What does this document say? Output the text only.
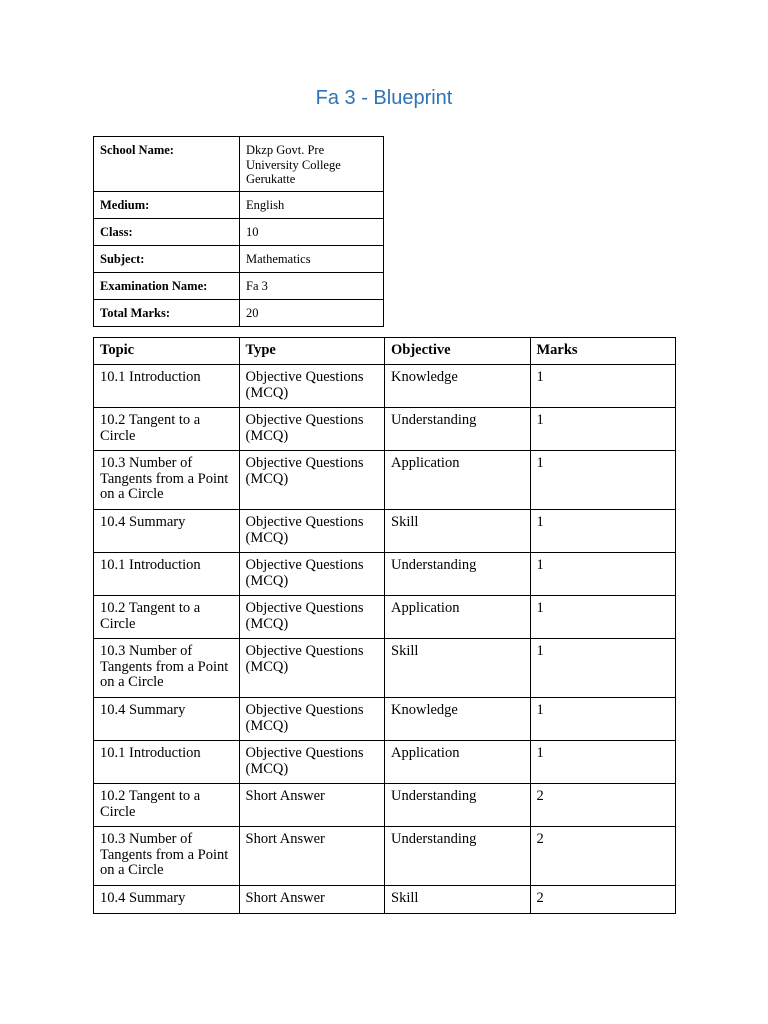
Fa 3 - Blueprint
School Name:	Dkzp Govt. Pre University College Gerukatte
Medium:	English
Class:	10
Subject:	Mathematics
Examination Name:	Fa 3
Total Marks:	20
Topic	Type	Objective	Marks
10.1 Introduction	Objective Questions (MCQ)	Knowledge	1
10.2 Tangent to a Circle	Objective Questions (MCQ)	Understanding	1
10.3 Number of Tangents from a Point on a Circle	Objective Questions (MCQ)	Application	1
10.4 Summary	Objective Questions (MCQ)	Skill	1
10.1 Introduction	Objective Questions (MCQ)	Understanding	1
10.2 Tangent to a Circle	Objective Questions (MCQ)	Application	1
10.3 Number of Tangents from a Point on a Circle	Objective Questions (MCQ)	Skill	1
10.4 Summary	Objective Questions (MCQ)	Knowledge	1
10.1 Introduction	Objective Questions (MCQ)	Application	1
10.2 Tangent to a Circle	Short Answer	Understanding	2
10.3 Number of Tangents from a Point on a Circle	Short Answer	Understanding	2
10.4 Summary	Short Answer	Skill	2
